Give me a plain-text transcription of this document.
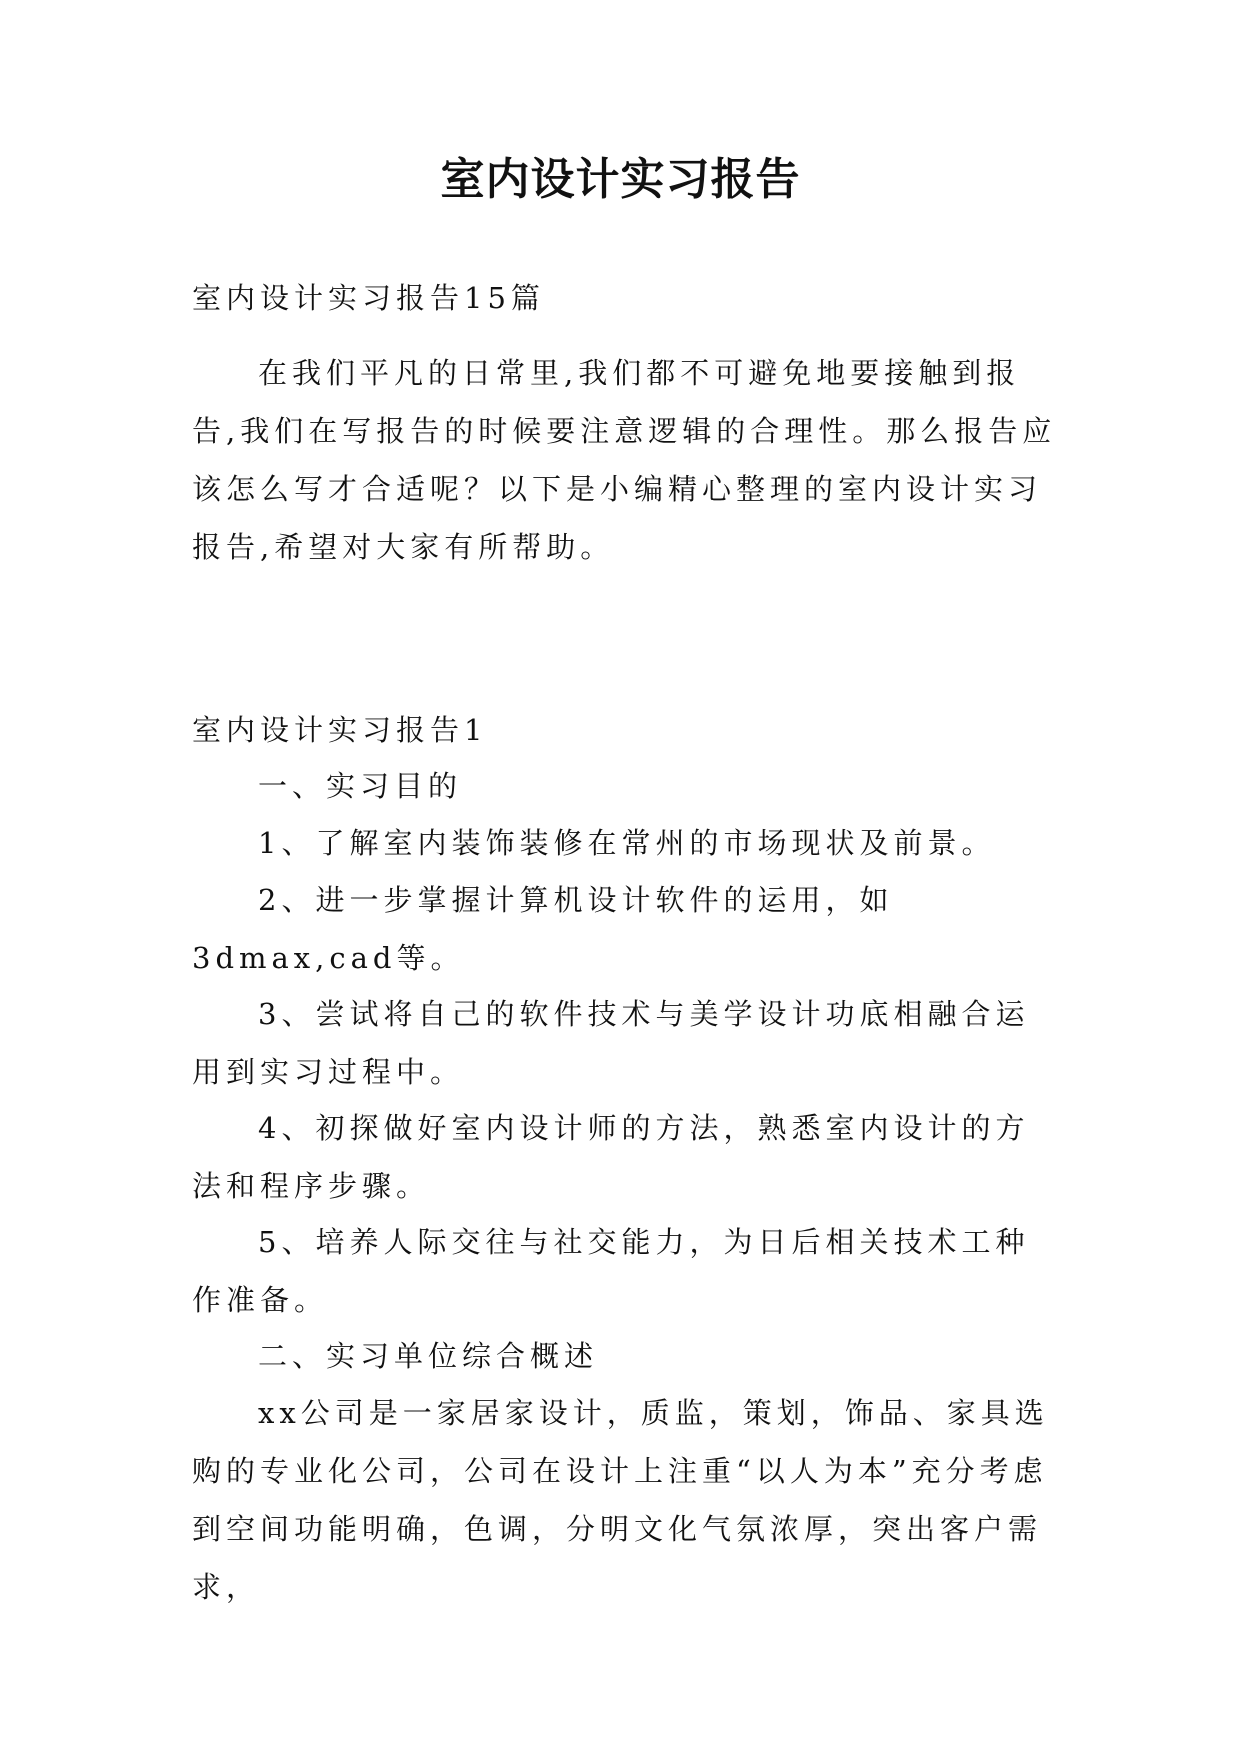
室内设计实习报告

室内设计实习报告15篇

在我们平凡的日常里,我们都不可避免地要接触到报告,我们在写报告的时候要注意逻辑的合理性。那么报告应该怎么写才合适呢？以下是小编精心整理的室内设计实习报告,希望对大家有所帮助。

室内设计实习报告1

一、实习目的

1、了解室内装饰装修在常州的市场现状及前景。

2、进一步掌握计算机设计软件的运用，如3dmax,cad等。

3、尝试将自己的软件技术与美学设计功底相融合运用到实习过程中。

4、初探做好室内设计师的方法，熟悉室内设计的方法和程序步骤。

5、培养人际交往与社交能力，为日后相关技术工种作准备。

二、实习单位综合概述

xx公司是一家居家设计，质监，策划，饰品、家具选购的专业化公司，公司在设计上注重“以人为本”充分考虑到空间功能明确，色调，分明文化气氛浓厚，突出客户需求，
